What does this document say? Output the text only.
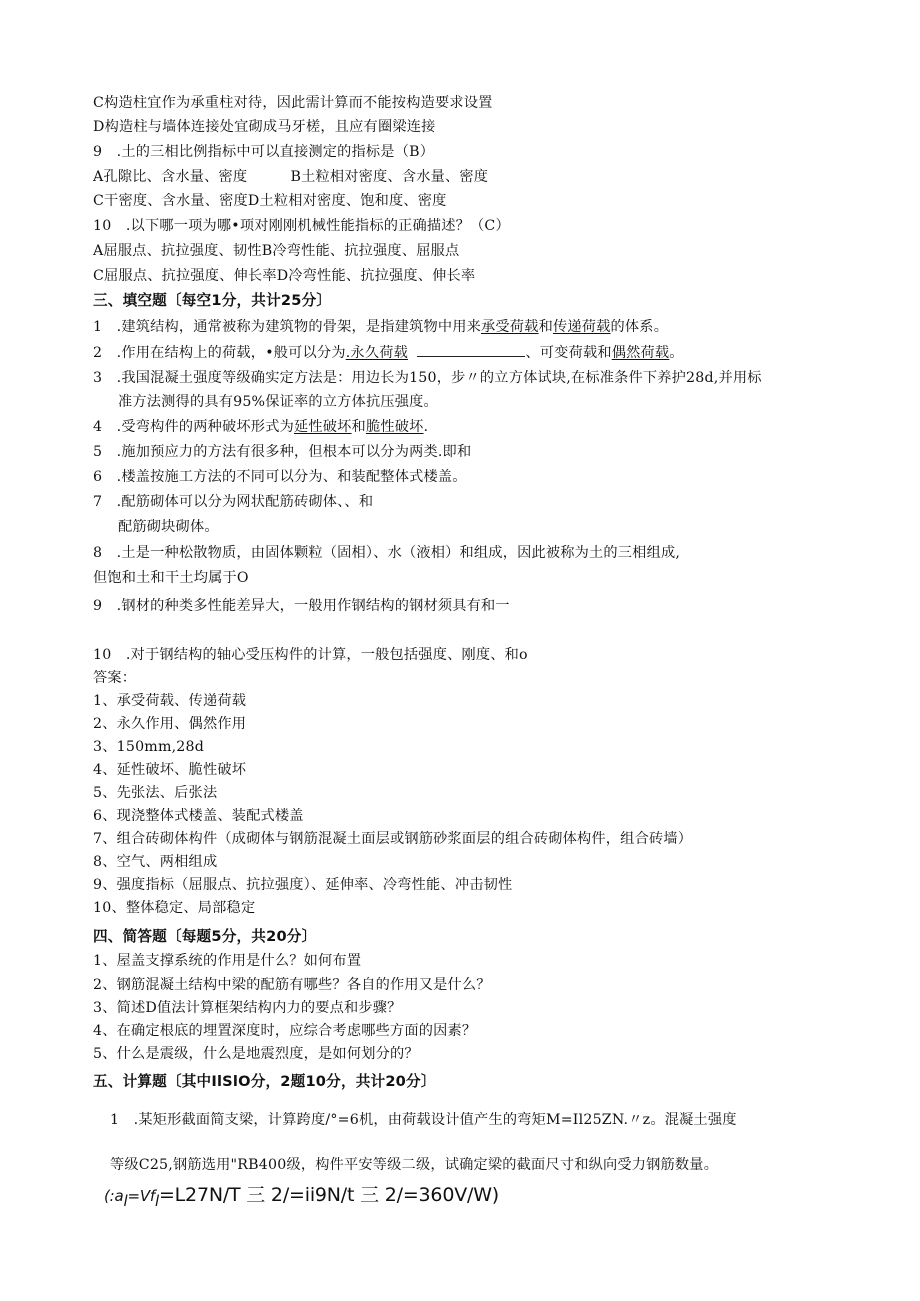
C构造柱宜作为承重柱对待，因此需计算而不能按构造要求设置
D构造柱与墙体连接处宜砌成马牙槎，且应有圈梁连接
9　.土的三相比例指标中可以直接测定的指标是（B）
A孔隙比、含水量、密度　　　B土粒相对密度、含水量、密度
C干密度、含水量、密度D土粒相对密度、饱和度、密度
10　.以下哪一项为哪•项对刚刚机械性能指标的正确描述？（C）
A屈服点、抗拉强度、韧性B冷弯性能、抗拉强度、屈服点
C屈服点、抗拉强度、伸长率D冷弯性能、抗拉强度、伸长率
三、填空题〔每空1分，共计25分〕
1　.建筑结构，通常被称为建筑物的骨架，是指建筑物中用来承受荷载和传递荷载的体系。
2　.作用在结构上的荷载，•般可以分为.永久荷载	、可变荷载和偶然荷载。
3　.我国混凝土强度等级确实定方法是：用边长为150，步〃的立方体试块,在标准条件下养护28d,并用标
准方法测得的具有95%保证率的立方体抗压强度。
4　.受弯构件的两种破坏形式为延性破坏和脆性破坏.
5　.施加预应力的方法有很多种，但根本可以分为两类.即和
6　.楼盖按施工方法的不同可以分为、和装配整体式楼盖。
7　.配筋砌体可以分为网状配筋砖砌体、、和
配筋砌块砌体。
8　.土是一种松散物质，由固体颗粒（固相）、水（液相）和组成，因此被称为土的三相组成,
但饱和土和干土均属于O
9　.钢材的种类多性能差异大，一般用作钢结构的钢材须具有和一
10　.对于钢结构的轴心受压构件的计算，一般包括强度、刚度、和o
答案：
1、承受荷载、传递荷载
2、永久作用、偶然作用
3、150mm,28d
4、延性破坏、脆性破坏
5、先张法、后张法
6、现浇整体式楼盖、装配式楼盖
7、组合砖砌体构件（成砌体与钢筋混凝土面层或钢筋砂浆面层的组合砖砌体构件，组合砖墙）
8、空气、两相组成
9、强度指标（屈服点、抗拉强度）、延伸率、冷弯性能、冲击韧性
10、整体稳定、局部稳定
四、简答题〔每题5分，共20分〕
1、屋盖支撑系统的作用是什么？如何布置
2、钢筋混凝土结构中梁的配筋有哪些？各自的作用又是什么？
3、简述D值法计算框架结构内力的要点和步骤？
4、在确定根底的埋置深度时，应综合考虑哪些方面的因素？
5、什么是震级，什么是地震烈度，是如何划分的？
五、计算题〔其中IlSlO分，2题10分，共计20分〕
1　.某矩形截面简支梁，计算跨度/°=6机，由荷载设计值产生的弯矩M=Il25ZN.〃z。混凝土强度
等级C25,钢筋选用"RB400级，构件平安等级二级，试确定梁的截面尺寸和纵向受力钢筋数量。
($:a_l=Vf_l=L27N/T$ 三 2/=ii9N/t 三 2/=360V/W)
